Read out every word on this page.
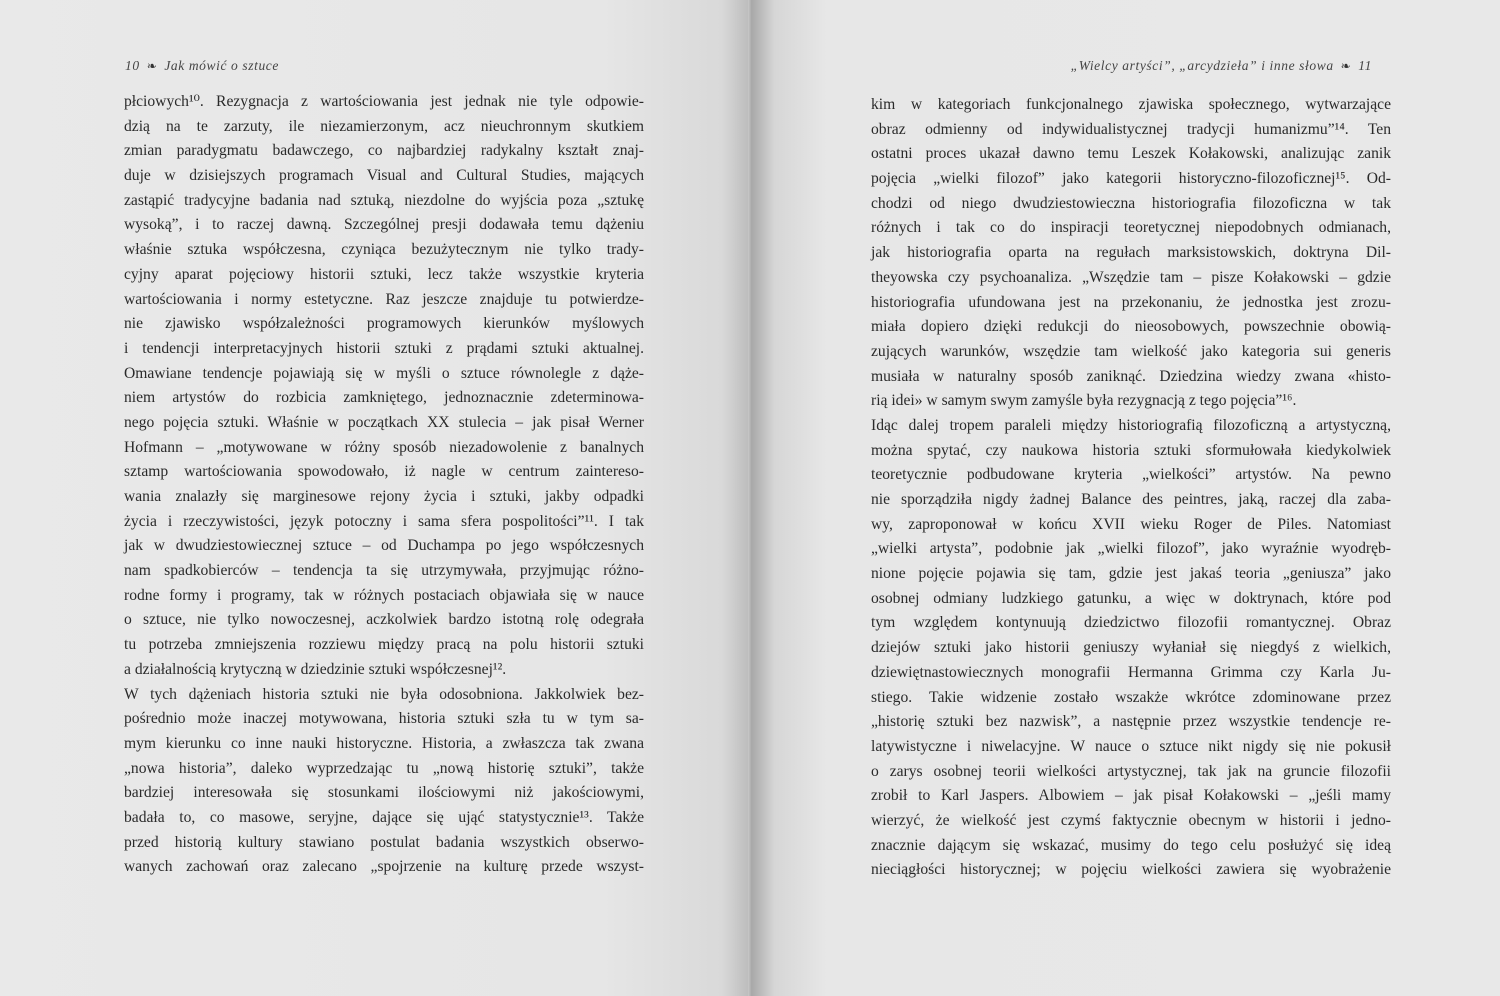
10 ❧ Jak mówić o sztuce
płciowych¹⁰. Rezygnacja z wartościowania jest jednak nie tyle odpowie-
dzią na te zarzuty, ile niezamierzonym, acz nieuchronnym skutkiem
zmian paradygmatu badawczego, co najbardziej radykalny kształt znaj-
duje w dzisiejszych programach Visual and Cultural Studies, mających
zastąpić tradycyjne badania nad sztuką, niezdolne do wyjścia poza „sztukę
wysoką”, i to raczej dawną. Szczególnej presji dodawała temu dążeniu
właśnie sztuka współczesna, czyniąca bezużytecznym nie tylko trady-
cyjny aparat pojęciowy historii sztuki, lecz także wszystkie kryteria
wartościowania i normy estetyczne. Raz jeszcze znajduje tu potwierdze-
nie zjawisko współzależności programowych kierunków myślowych
i tendencji interpretacyjnych historii sztuki z prądami sztuki aktualnej.
Omawiane tendencje pojawiają się w myśli o sztuce równolegle z dąże-
niem artystów do rozbicia zamkniętego, jednoznacznie zdeterminowa-
nego pojęcia sztuki. Właśnie w początkach XX stulecia – jak pisał Werner
Hofmann – „motywowane w różny sposób niezadowolenie z banalnych
sztamp wartościowania spowodowało, iż nagle w centrum zaintereso-
wania znalazły się marginesowe rejony życia i sztuki, jakby odpadki
życia i rzeczywistości, język potoczny i sama sfera pospolitości”¹¹. I tak
jak w dwudziestowiecznej sztuce – od Duchampa po jego współczesnych
nam spadkobierców – tendencja ta się utrzymywała, przyjmując różno-
rodne formy i programy, tak w różnych postaciach objawiała się w nauce
o sztuce, nie tylko nowoczesnej, aczkolwiek bardzo istotną rolę odegrała
tu potrzeba zmniejszenia rozziewu między pracą na polu historii sztuki
a działalnością krytyczną w dziedzinie sztuki współczesnej¹².
W tych dążeniach historia sztuki nie była odosobniona. Jakkolwiek bez-
pośrednio może inaczej motywowana, historia sztuki szła tu w tym sa-
mym kierunku co inne nauki historyczne. Historia, a zwłaszcza tak zwana
„nowa historia”, daleko wyprzedzając tu „nową historię sztuki”, także
bardziej interesowała się stosunkami ilościowymi niż jakościowymi,
badała to, co masowe, seryjne, dające się ująć statystycznie¹³. Także
przed historią kultury stawiano postulat badania wszystkich obserwo-
wanych zachowań oraz zalecano „spojrzenie na kulturę przede wszyst-
„Wielcy artyści”, „arcydzieła” i inne słowa ❧ 11
kim w kategoriach funkcjonalnego zjawiska społecznego, wytwarzające
obraz odmienny od indywidualistycznej tradycji humanizmu”¹⁴. Ten
ostatni proces ukazał dawno temu Leszek Kołakowski, analizując zanik
pojęcia „wielki filozof” jako kategorii historyczno-filozoficznej¹⁵. Od-
chodzi od niego dwudziestowieczna historiografia filozoficzna w tak
różnych i tak co do inspiracji teoretycznej niepodobnych odmianach,
jak historiografia oparta na regułach marksistowskich, doktryna Dil-
theyowska czy psychoanaliza. „Wszędzie tam – pisze Kołakowski – gdzie
historiografia ufundowana jest na przekonaniu, że jednostka jest zrozu-
miała dopiero dzięki redukcji do nieosobowych, powszechnie obowią-
zujących warunków, wszędzie tam wielkość jako kategoria sui generis
musiała w naturalny sposób zaniknąć. Dziedzina wiedzy zwana «histo-
rią idei» w samym swym zamyśle była rezygnacją z tego pojęcia”¹⁶.
Idąc dalej tropem paraleli między historiografią filozoficzną a artystyczną,
można spytać, czy naukowa historia sztuki sformułowała kiedykolwiek
teoretycznie podbudowane kryteria „wielkości” artystów. Na pewno
nie sporządziła nigdy żadnej Balance des peintres, jaką, raczej dla zaba-
wy, zaproponował w końcu XVII wieku Roger de Piles. Natomiast
„wielki artysta”, podobnie jak „wielki filozof”, jako wyraźnie wyodręb-
nione pojęcie pojawia się tam, gdzie jest jakaś teoria „geniusza” jako
osobnej odmiany ludzkiego gatunku, a więc w doktrynach, które pod
tym względem kontynuują dziedzictwo filozofii romantycznej. Obraz
dziejów sztuki jako historii geniuszy wyłaniał się niegdyś z wielkich,
dziewiętnastowiecznych monografii Hermanna Grimma czy Karla Ju-
stiego. Takie widzenie zostało wszakże wkrótce zdominowane przez
„historię sztuki bez nazwisk”, a następnie przez wszystkie tendencje re-
latywistyczne i niwelacyjne. W nauce o sztuce nikt nigdy się nie pokusił
o zarys osobnej teorii wielkości artystycznej, tak jak na gruncie filozofii
zrobił to Karl Jaspers. Albowiem – jak pisał Kołakowski – „jeśli mamy
wierzyć, że wielkość jest czymś faktycznie obecnym w historii i jedno-
znacznie dającym się wskazać, musimy do tego celu posłużyć się ideą
nieciągłości historycznej; w pojęciu wielkości zawiera się wyobrażenie
